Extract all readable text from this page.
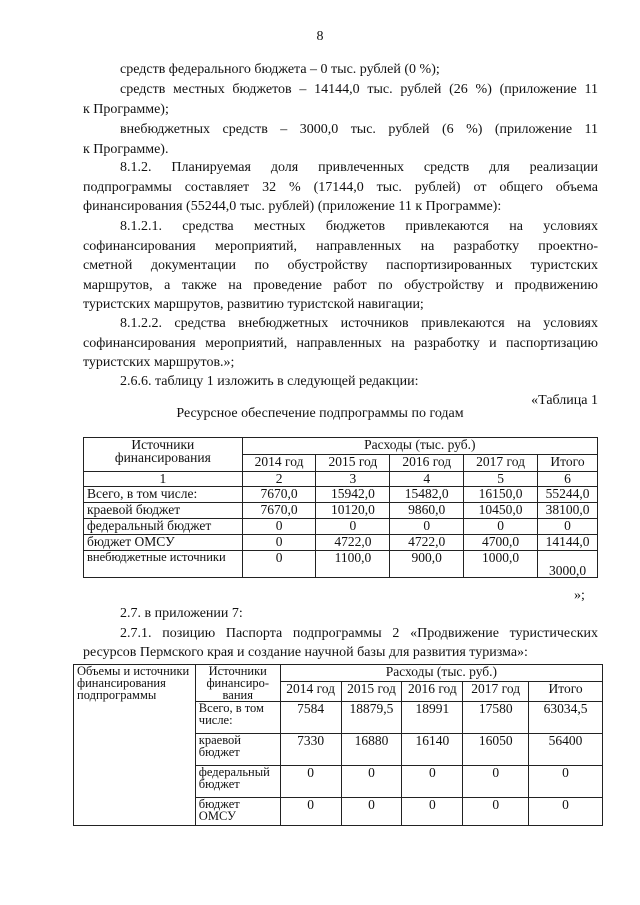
8
средств федерального бюджета – 0 тыс. рублей (0 %);
средств местных бюджетов – 14144,0 тыс. рублей (26 %) (приложение 11
к Программе);
внебюджетных средств – 3000,0 тыс. рублей (6 %) (приложение 11
к Программе).
8.1.2. Планируемая доля привлеченных средств для реализации
подпрограммы составляет 32 % (17144,0 тыс. рублей) от общего объема
финансирования (55244,0 тыс. рублей) (приложение 11 к Программе):
8.1.2.1. средства местных бюджетов привлекаются на условиях
софинансирования мероприятий, направленных на разработку проектно-
сметной документации по обустройству паспортизированных туристских
маршрутов, а также на проведение работ по обустройству и продвижению
туристских маршрутов, развитию туристской навигации;
8.1.2.2. средства внебюджетных источников привлекаются на условиях
софинансирования мероприятий, направленных на разработку и паспортизацию
туристских маршрутов.»;
2.6.6. таблицу 1 изложить в следующей редакции:
«Таблица 1
Ресурсное обеспечение подпрограммы по годам
Источники финансирования	Расходы (тыс. руб.)				
	2014 год	2015 год	2016 год	2017 год	Итого
1	2	3	4	5	6
Всего, в том числе:	7670,0	15942,0	15482,0	16150,0	55244,0
краевой бюджет	7670,0	10120,0	9860,0	10450,0	38100,0
федеральный бюджет	0	0	0	0	0
бюджет ОМСУ	0	4722,0	4722,0	4700,0	14144,0
внебюджетные источники	0	1100,0	900,0	1000,0	3000,0
»;
2.7. в приложении 7:
2.7.1. позицию Паспорта подпрограммы 2 «Продвижение туристических
ресурсов Пермского края и создание научной базы для развития туризма»:
Объемы и источники финансирования подпрограммы	Источники финансиро-вания	Расходы (тыс. руб.)				
		2014 год	2015 год	2016 год	2017 год	Итого
	Всего, в том числе:	7584	18879,5	18991	17580	63034,5
	краевой бюджет	7330	16880	16140	16050	56400
	федеральный бюджет	0	0	0	0	0
	бюджет ОМСУ	0	0	0	0	0
